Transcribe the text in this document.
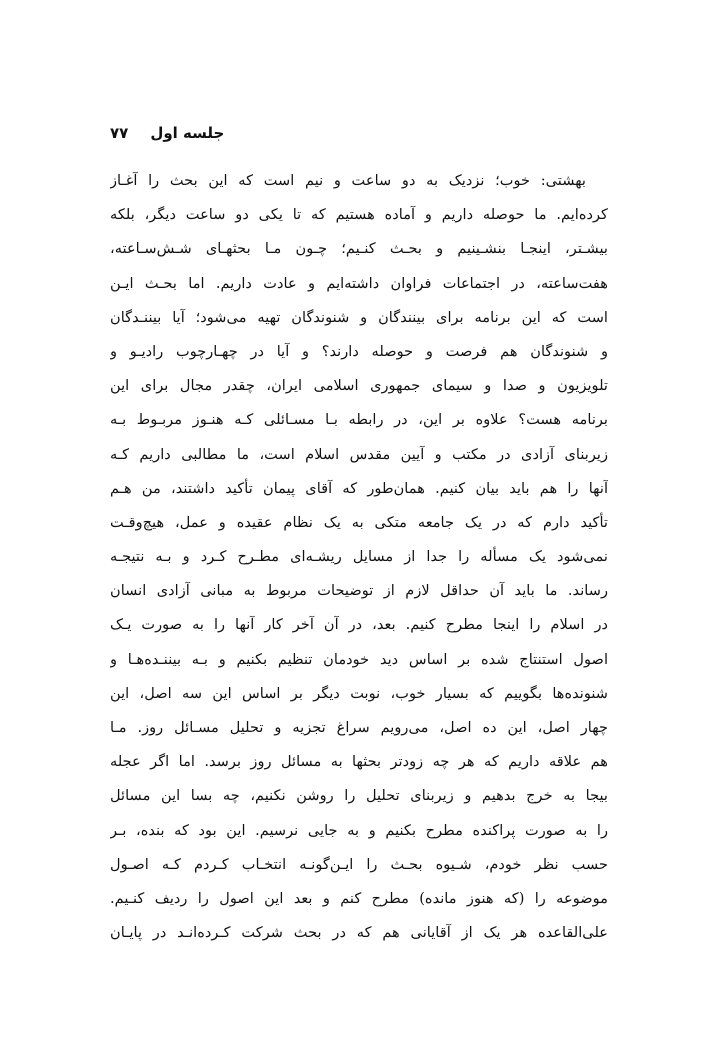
جلسه اول
۷۷
بهشتی: خوب؛ نزدیک به دو ساعت و نیم است که این بحث را آغـاز
کرده‌ایم. ما حوصله داریم و آماده هستیم که تا یکی دو ساعت دیگر، بلکه
بیشـتر، اینجـا بنشـینیم و بحـث کنـیم؛ چـون مـا بحثهـای شـش‌سـاعته،
هفت‌ساعته، در اجتماعات فراوان داشته‌ایم و عادت داریم. اما بحـث ایـن
است که این برنامه برای بینندگان و شنوندگان تهیه می‌شود؛ آیا بیننـدگان
و شنوندگان هم فرصت و حوصله دارند؟ و آیا در چهـارچوب رادیـو و
تلویزیون و صدا و سیمای جمهوری اسلامی ایران، چقدر مجال برای این
برنامه هست؟ علاوه بر این، در رابطه بـا مسـائلی کـه هنـوز مربـوط بـه
زیربنای آزادی در مکتب و آیین مقدس اسلام است، ما مطالبی داریم کـه
آنها را هم باید بیان کنیم. همان‌طور که آقای پیمان تأکید داشتند، من هـم
تأکید دارم که در یک جامعه متکی به یک نظام عقیده و عمل، هیچ‌وقـت
نمی‌شود یک مسأله را جدا از مسایل ریشـه‌ای مطـرح کـرد و بـه نتیجـه
رساند. ما باید آن حداقل لازم از توضیحات مربوط به مبانی آزادی انسان
در اسلام را اینجا مطرح کنیم. بعد، در آن آخر کار آنها را به صورت یـک
اصول استنتاج شده بر اساس دید خودمان تنظیم بکنیم و بـه بیننـده‌هـا و
شنونده‌ها بگوییم که بسیار خوب، نوبت دیگر بر اساس این سه اصل، این
چهار اصل، این ده اصل، می‌رویم سراغ تجزیه و تحلیل مسـائل روز. مـا
هم علاقه داریم که هر چه زودتر بحثها به مسائل روز برسد. اما اگر عجله
بیجا به خرج بدهیم و زیربنای تحلیل را روشن نکنیم، چه بسا این مسائل
را به صورت پراکنده مطرح بکنیم و به جایی نرسیم. این بود که بنده، بـر
حسب نظر خودم، شـیوه بحـث را ایـن‌گونـه انتخـاب کـردم کـه اصـول
موضوعه را (که هنوز مانده) مطرح کنم و بعد این اصول را ردیف کنـیم.
علی‌القاعده هر یک از آقایانی هم که در بحث شرکت کـرده‌انـد در پایـان
